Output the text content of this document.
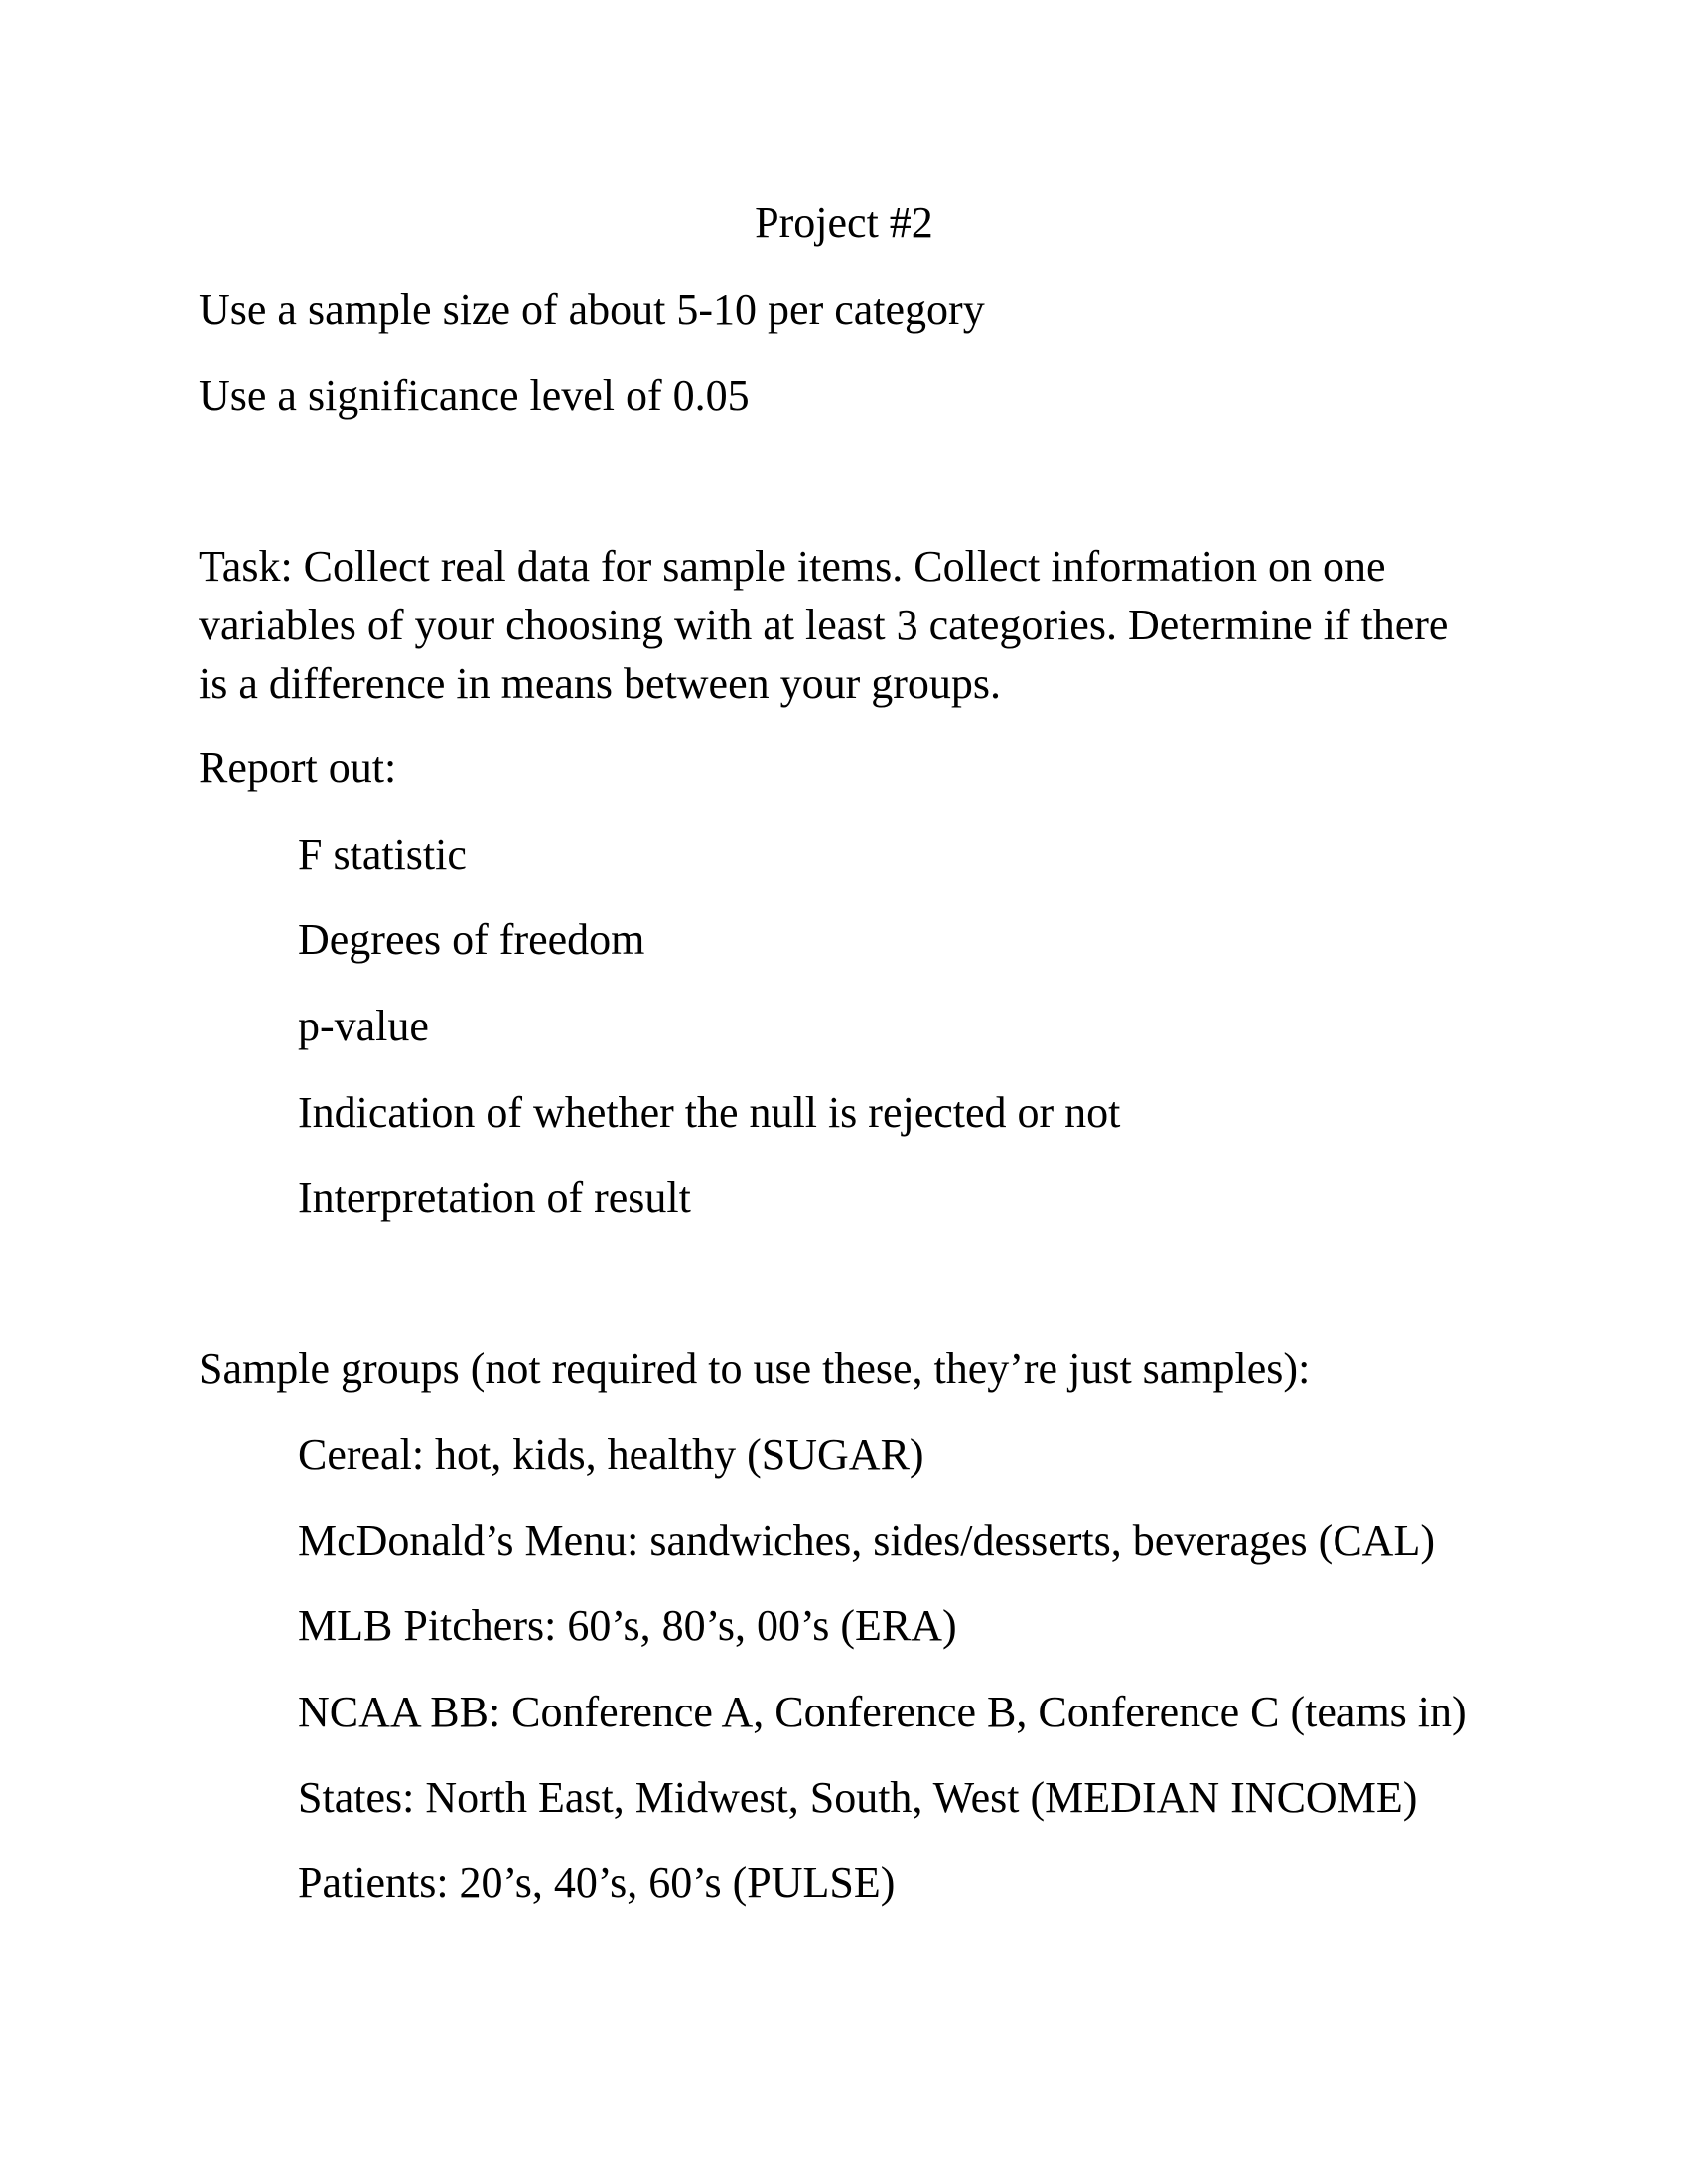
Project #2
Use a sample size of about 5-10 per category
Use a significance level of 0.05
Task: Collect real data for sample items. Collect information on one
variables of your choosing with at least 3 categories. Determine if there
is a difference in means between your groups.
Report out:
F statistic
Degrees of freedom
p-value
Indication of whether the null is rejected or not
Interpretation of result
Sample groups (not required to use these, they’re just samples):
Cereal: hot, kids, healthy (SUGAR)
McDonald’s Menu: sandwiches, sides/desserts, beverages (CAL)
MLB Pitchers: 60’s, 80’s, 00’s (ERA)
NCAA BB: Conference A, Conference B, Conference C (teams in)
States: North East, Midwest, South, West (MEDIAN INCOME)
Patients: 20’s, 40’s, 60’s (PULSE)
